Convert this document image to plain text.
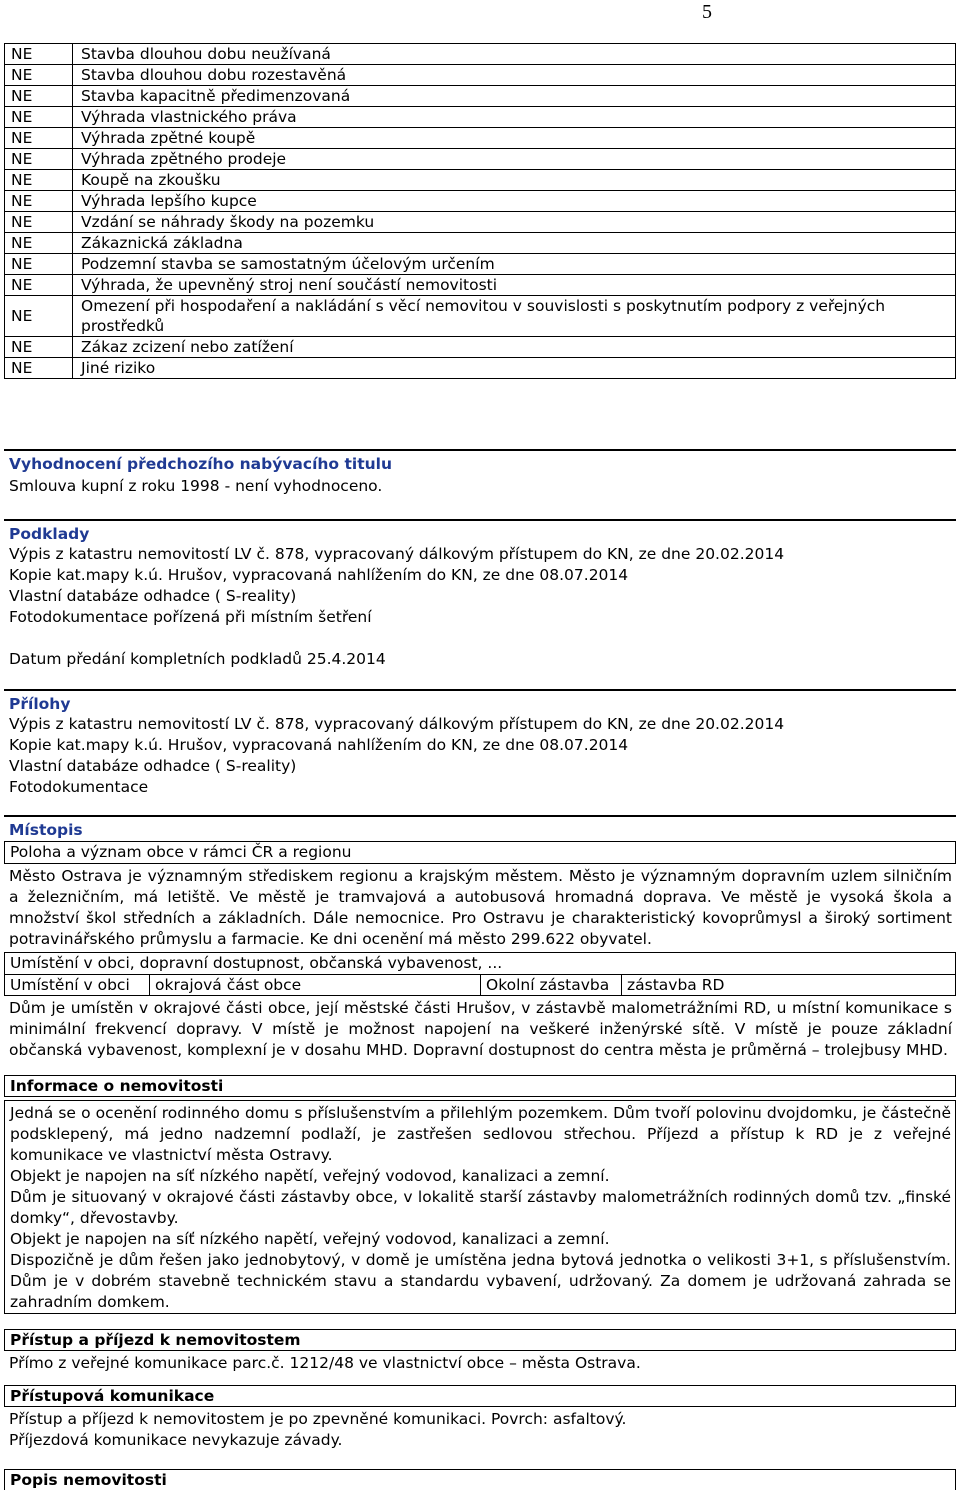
5
NE	Stavba dlouhou dobu neužívaná
NE	Stavba dlouhou dobu rozestavěná
NE	Stavba kapacitně předimenzovaná
NE	Výhrada vlastnického práva
NE	Výhrada zpětné koupě
NE	Výhrada zpětného prodeje
NE	Koupě na zkoušku
NE	Výhrada lepšího kupce
NE	Vzdání se náhrady škody na pozemku
NE	Zákaznická základna
NE	Podzemní stavba se samostatným účelovým určením
NE	Výhrada, že upevněný stroj není součástí nemovitosti
NE	Omezení při hospodaření a nakládání s věcí nemovitou v souvislosti s poskytnutím podpory z veřejných prostředků
NE	Zákaz zcizení nebo zatížení
NE	Jiné riziko
Vyhodnocení předchozího nabývacího titulu
Smlouva kupní z roku 1998 - není vyhodnoceno.
Podklady
Výpis z katastru nemovitostí LV č. 878, vypracovaný dálkovým přístupem do KN, ze dne 20.02.2014
Kopie kat.mapy k.ú. Hrušov, vypracovaná nahlížením do KN, ze dne 08.07.2014
Vlastní databáze odhadce ( S-reality)
Fotodokumentace pořízená při místním šetření
Datum předání kompletních podkladů 25.4.2014
Přílohy
Výpis z katastru nemovitostí LV č. 878, vypracovaný dálkovým přístupem do KN, ze dne 20.02.2014
Kopie kat.mapy k.ú. Hrušov, vypracovaná nahlížením do KN, ze dne 08.07.2014
Vlastní databáze odhadce ( S-reality)
Fotodokumentace
Místopis
Poloha a význam obce v rámci ČR a regionu
Město Ostrava je významným střediskem regionu a krajským městem. Město je významným dopravním uzlem silničním a železničním, má letiště. Ve městě je tramvajová a autobusová hromadná doprava. Ve městě je vysoká škola a množství škol středních a základních. Dále nemocnice. Pro Ostravu je charakteristický kovoprůmysl a široký sortiment potravinářského průmyslu a farmacie. Ke dni ocenění má město 299.622 obyvatel.
Umístění v obci, dopravní dostupnost, občanská vybavenost, ...
Umístění v obci	okrajová část obce	Okolní zástavba	zástavba RD
Dům je umístěn v okrajové části obce, její městské části Hrušov, v zástavbě malometrážními RD, u místní komunikace s minimální frekvencí dopravy. V místě je možnost napojení na veškeré inženýrské sítě. V místě je pouze základní občanská vybavenost, komplexní je v dosahu MHD. Dopravní dostupnost do centra města je průměrná – trolejbusy MHD.
Informace o nemovitosti
Jedná se o ocenění rodinného domu s příslušenstvím a přilehlým pozemkem. Dům tvoří polovinu dvojdomku, je částečně podsklepený, má jedno nadzemní podlaží, je zastřešen sedlovou střechou. Příjezd a přístup k RD je z veřejné komunikace ve vlastnictví města Ostravy.
Objekt je napojen na síť nízkého napětí, veřejný vodovod, kanalizaci a zemní.
Dům je situovaný v okrajové části zástavby obce, v lokalitě starší zástavby malometrážních rodinných domů tzv. „finské domky“, dřevostavby.
Objekt je napojen na síť nízkého napětí, veřejný vodovod, kanalizaci a zemní.
Dispozičně je dům řešen jako jednobytový, v domě je umístěna jedna bytová jednotka o velikosti 3+1, s příslušenstvím. Dům je v dobrém stavebně technickém stavu a standardu vybavení, udržovaný. Za domem je udržovaná zahrada se zahradním domkem.
Přístup a příjezd k nemovitostem
Přímo z veřejné komunikace parc.č. 1212/48 ve vlastnictví obce – města Ostrava.
Přístupová komunikace
Přístup a příjezd k nemovitostem je po zpevněné komunikaci. Povrch: asfaltový.
Příjezdová komunikace nevykazuje závady.
Popis nemovitosti
